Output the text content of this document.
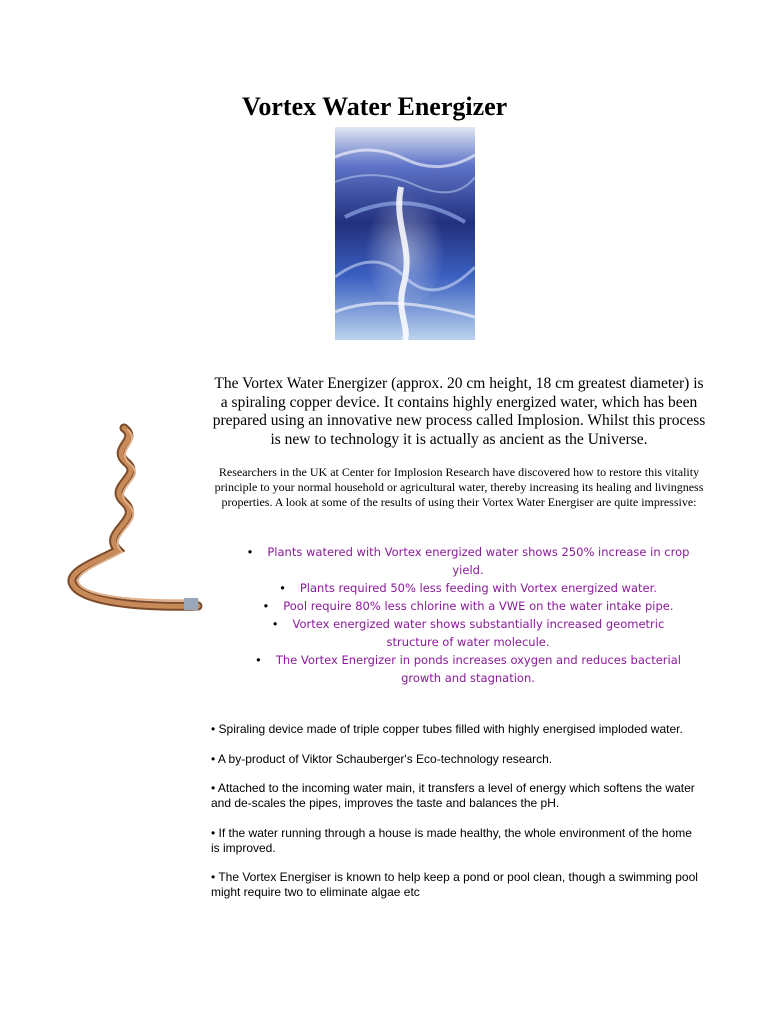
Vortex Water Energizer

The Vortex Water Energizer (approx. 20 cm height, 18 cm greatest diameter) is a spiraling copper device. It contains highly energized water, which has been prepared using an innovative new process called Implosion. Whilst this process is new to technology it is actually as ancient as the Universe.

Researchers in the UK at Center for Implosion Research have discovered how to restore this vitality principle to your normal household or agricultural water, thereby increasing its healing and livingness properties. A look at some of the results of using their Vortex Water Energiser are quite impressive:

• Plants watered with Vortex energized water shows 250% increase in crop yield.
• Plants required 50% less feeding with Vortex energized water.
• Pool require 80% less chlorine with a VWE on the water intake pipe.
• Vortex energized water shows substantially increased geometric structure of water molecule.
• The Vortex Energizer in ponds increases oxygen and reduces bacterial growth and stagnation.

• Spiraling device made of triple copper tubes filled with highly energised imploded water.

• A by-product of Viktor Schauberger's Eco-technology research.

• Attached to the incoming water main, it transfers a level of energy which softens the water and de-scales the pipes, improves the taste and balances the pH.

• If the water running through a house is made healthy, the whole environment of the home is improved.

• The Vortex Energiser is known to help keep a pond or pool clean, though a swimming pool might require two to eliminate algae etc
